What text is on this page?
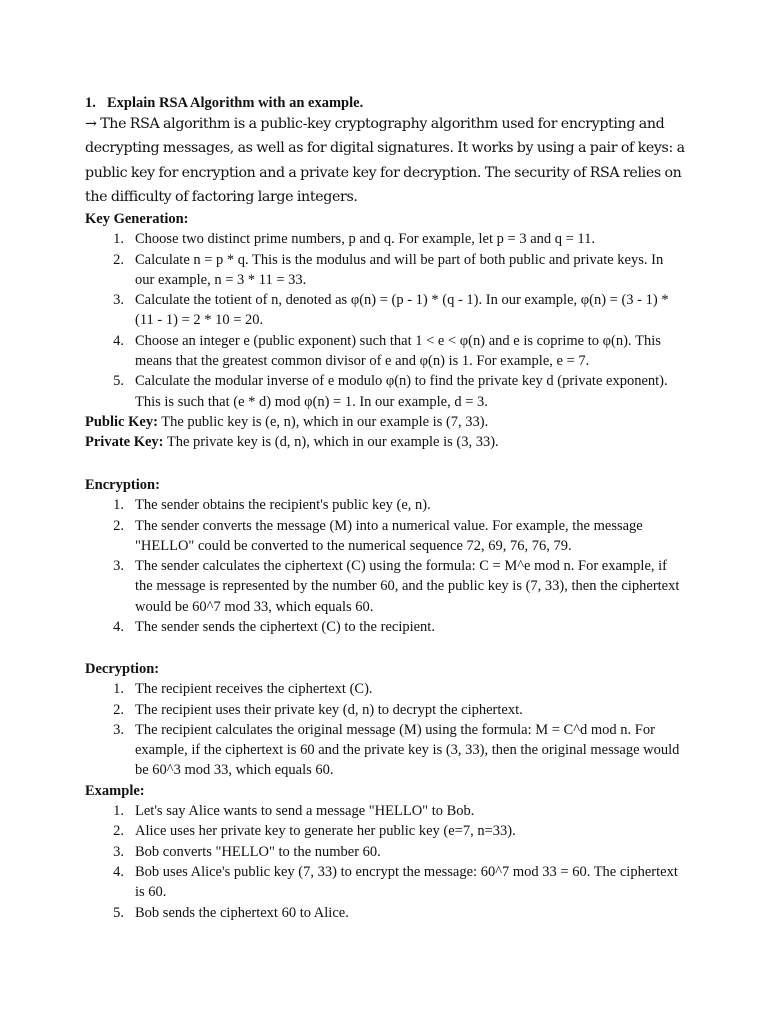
1. Explain RSA Algorithm with an example.
→ The RSA algorithm is a public-key cryptography algorithm used for encrypting and decrypting messages, as well as for digital signatures. It works by using a pair of keys: a public key for encryption and a private key for decryption. The security of RSA relies on the difficulty of factoring large integers.
Key Generation:
1. Choose two distinct prime numbers, p and q. For example, let p = 3 and q = 11.
2. Calculate n = p * q. This is the modulus and will be part of both public and private keys. In our example, n = 3 * 11 = 33.
3. Calculate the totient of n, denoted as φ(n) = (p - 1) * (q - 1). In our example, φ(n) = (3 - 1) * (11 - 1) = 2 * 10 = 20.
4. Choose an integer e (public exponent) such that 1 < e < φ(n) and e is coprime to φ(n). This means that the greatest common divisor of e and φ(n) is 1. For example, e = 7.
5. Calculate the modular inverse of e modulo φ(n) to find the private key d (private exponent). This is such that (e * d) mod φ(n) = 1. In our example, d = 3.
Public Key: The public key is (e, n), which in our example is (7, 33).
Private Key: The private key is (d, n), which in our example is (3, 33).
Encryption:
1. The sender obtains the recipient's public key (e, n).
2. The sender converts the message (M) into a numerical value. For example, the message "HELLO" could be converted to the numerical sequence 72, 69, 76, 76, 79.
3. The sender calculates the ciphertext (C) using the formula: C = M^e mod n. For example, if the message is represented by the number 60, and the public key is (7, 33), then the ciphertext would be 60^7 mod 33, which equals 60.
4. The sender sends the ciphertext (C) to the recipient.
Decryption:
1. The recipient receives the ciphertext (C).
2. The recipient uses their private key (d, n) to decrypt the ciphertext.
3. The recipient calculates the original message (M) using the formula: M = C^d mod n. For example, if the ciphertext is 60 and the private key is (3, 33), then the original message would be 60^3 mod 33, which equals 60.
Example:
1. Let's say Alice wants to send a message "HELLO" to Bob.
2. Alice uses her private key to generate her public key (e=7, n=33).
3. Bob converts "HELLO" to the number 60.
4. Bob uses Alice's public key (7, 33) to encrypt the message: 60^7 mod 33 = 60. The ciphertext is 60.
5. Bob sends the ciphertext 60 to Alice.
